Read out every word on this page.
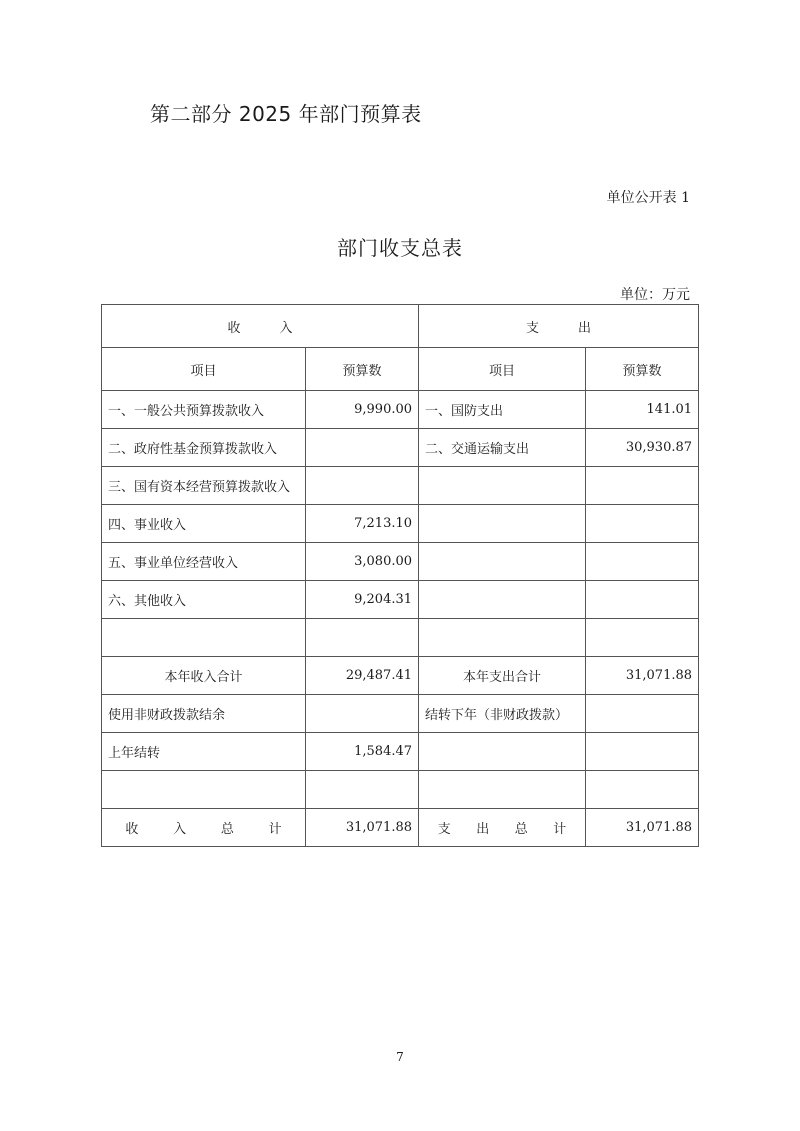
第二部分 2025 年部门预算表
单位公开表 1
部门收支总表
单位：万元
收　　　入		支　　　出	
项目	预算数	项目	预算数
一、一般公共预算拨款收入	9,990.00	一、国防支出	141.01
二、政府性基金预算拨款收入		二、交通运输支出	30,930.87
三、国有资本经营预算拨款收入			
四、事业收入	7,213.10		
五、事业单位经营收入	3,080.00		
六、其他收入	9,204.31		

本年收入合计	29,487.41	本年支出合计	31,071.88
使用非财政拨款结余		结转下年（非财政拨款）	
上年结转	1,584.47		

收 入 总 计	31,071.88	支 出 总 计	31,071.88
7
